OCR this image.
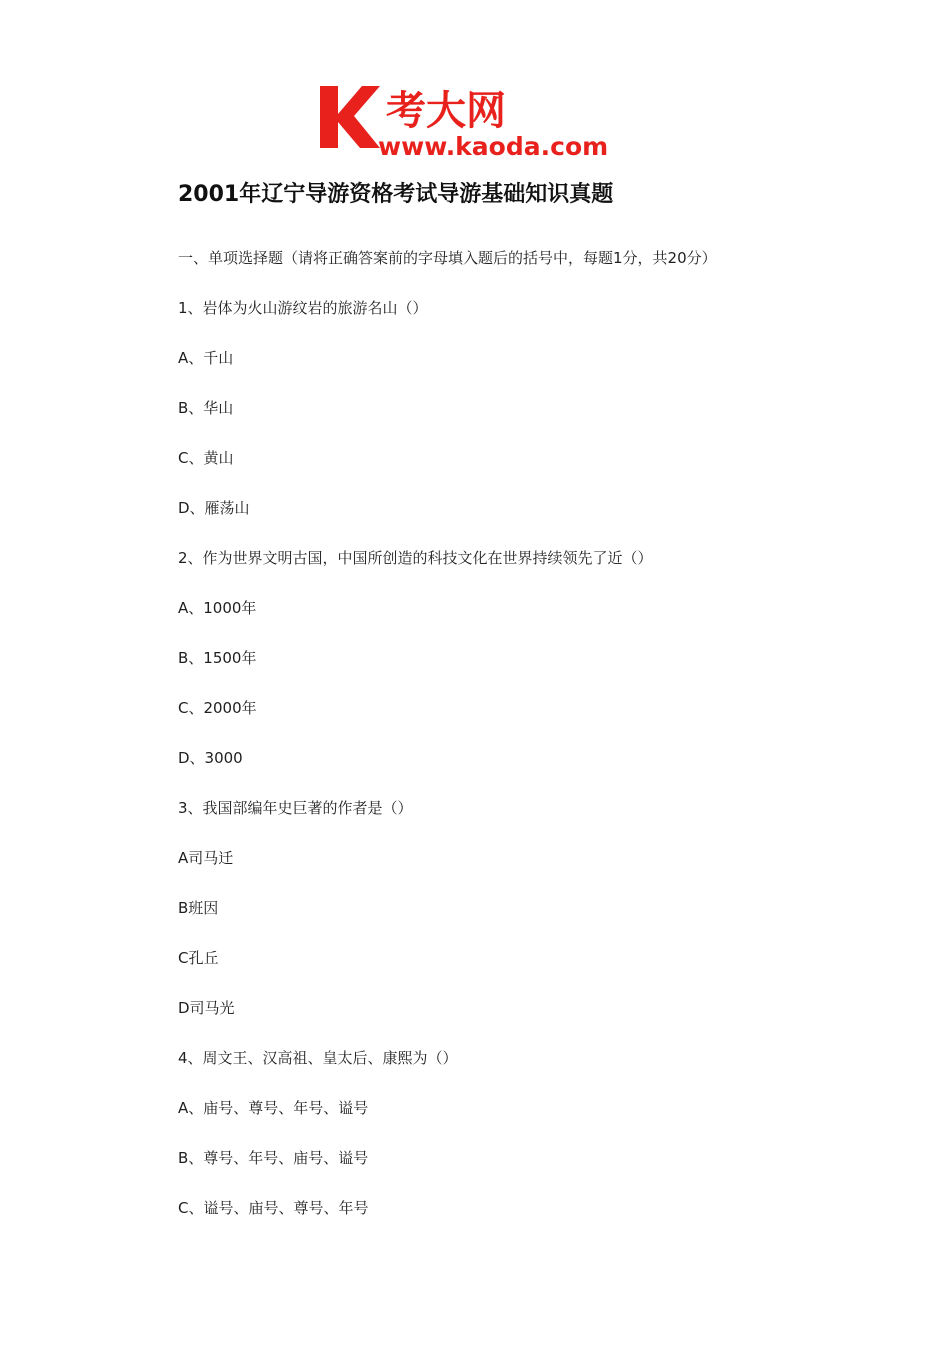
考大网
www.kaoda.com
2001年辽宁导游资格考试导游基础知识真题
一、单项选择题（请将正确答案前的字母填入题后的括号中，每题1分，共20分）
1、岩体为火山游纹岩的旅游名山（）
A、千山
B、华山
C、黄山
D、雁荡山
2、作为世界文明古国，中国所创造的科技文化在世界持续领先了近（）
A、1000年
B、1500年
C、2000年
D、3000
3、我国部编年史巨著的作者是（）
A司马迁
B班因
C孔丘
D司马光
4、周文王、汉高祖、皇太后、康熙为（）
A、庙号、尊号、年号、谥号
B、尊号、年号、庙号、谥号
C、谥号、庙号、尊号、年号
